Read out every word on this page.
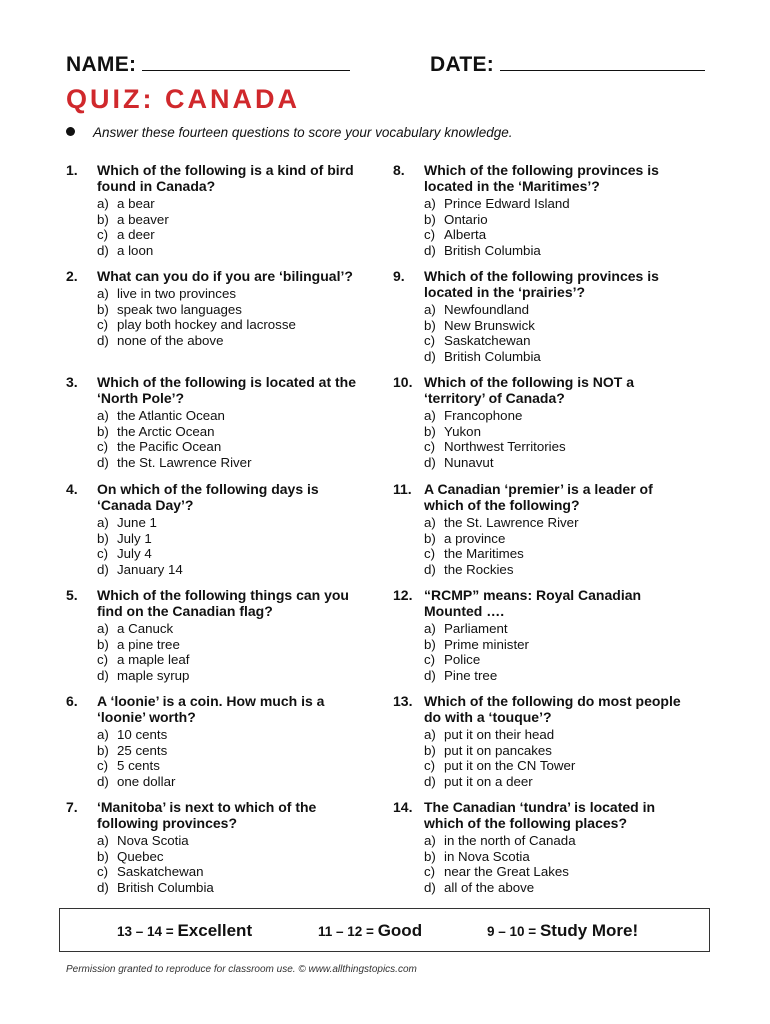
NAME:	DATE:
QUIZ: CANADA
Answer these fourteen questions to score your vocabulary knowledge.
1. Which of the following is a kind of bird found in Canada?
a) a bear
b) a beaver
c) a deer
d) a loon
2. What can you do if you are ‘bilingual’?
a) live in two provinces
b) speak two languages
c) play both hockey and lacrosse
d) none of the above
3. Which of the following is located at the ‘North Pole’?
a) the Atlantic Ocean
b) the Arctic Ocean
c) the Pacific Ocean
d) the St. Lawrence River
4. On which of the following days is ‘Canada Day’?
a) June 1
b) July 1
c) July 4
d) January 14
5. Which of the following things can you find on the Canadian flag?
a) a Canuck
b) a pine tree
c) a maple leaf
d) maple syrup
6. A ‘loonie’ is a coin. How much is a ‘loonie’ worth?
a) 10 cents
b) 25 cents
c) 5 cents
d) one dollar
7. ‘Manitoba’ is next to which of the following provinces?
a) Nova Scotia
b) Quebec
c) Saskatchewan
d) British Columbia
8. Which of the following provinces is located in the ‘Maritimes’?
a) Prince Edward Island
b) Ontario
c) Alberta
d) British Columbia
9. Which of the following provinces is located in the ‘prairies’?
a) Newfoundland
b) New Brunswick
c) Saskatchewan
d) British Columbia
10. Which of the following is NOT a ‘territory’ of Canada?
a) Francophone
b) Yukon
c) Northwest Territories
d) Nunavut
11. A Canadian ‘premier’ is a leader of which of the following?
a) the St. Lawrence River
b) a province
c) the Maritimes
d) the Rockies
12. “RCMP” means: Royal Canadian Mounted ….
a) Parliament
b) Prime minister
c) Police
d) Pine tree
13. Which of the following do most people do with a ‘touque’?
a) put it on their head
b) put it on pancakes
c) put it on the CN Tower
d) put it on a deer
14. The Canadian ‘tundra’ is located in which of the following places?
a) in the north of Canada
b) in Nova Scotia
c) near the Great Lakes
d) all of the above
13 – 14 = Excellent	11 – 12 = Good	9 – 10 = Study More!
Permission granted to reproduce for classroom use. © www.allthingstopics.com
